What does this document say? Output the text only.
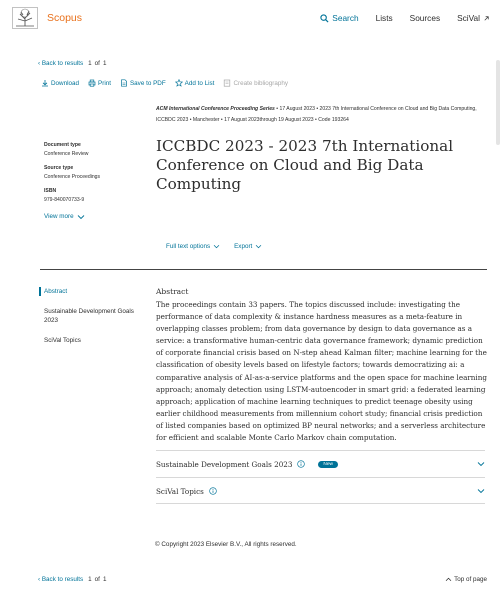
Scopus	Search Lists Sources SciVal
‹ Back to results 1 of 1
Download	Print	Save to PDF	Add to List	Create bibliography
ACM International Conference Proceeding Series • 17 August 2023 • 2023 7th International Conference on Cloud and Big Data Computing, ICCBDC 2023 • Manchester • 17 August 2023through 19 August 2023 • Code 193264
ICCBDC 2023 - 2023 7th International Conference on Cloud and Big Data Computing
Document type
Conference Review
Source type
Conference Proceedings
ISBN
979-840070733-9
View more
Full text options	Export
Abstract
Sustainable Development Goals 2023
SciVal Topics
Abstract
The proceedings contain 33 papers. The topics discussed include: investigating the performance of data complexity & instance hardness measures as a meta-feature in overlapping classes problem; from data governance by design to data governance as a service: a transformative human-centric data governance framework; dynamic prediction of corporate financial crisis based on N-step ahead Kalman filter; machine learning for the classification of obesity levels based on lifestyle factors; towards democratizing ai: a comparative analysis of AI-as-a-service platforms and the open space for machine learning approach; anomaly detection using LSTM-autoencoder in smart grid: a federated learning approach; application of machine learning techniques to predict teenage obesity using earlier childhood measurements from millennium cohort study; financial crisis prediction of listed companies based on optimized BP neural networks; and a serverless architecture for efficient and scalable Monte Carlo Markov chain computation.
Sustainable Development Goals 2023	New
SciVal Topics
© Copyright 2023 Elsevier B.V., All rights reserved.
‹ Back to results 1 of 1	Top of page
